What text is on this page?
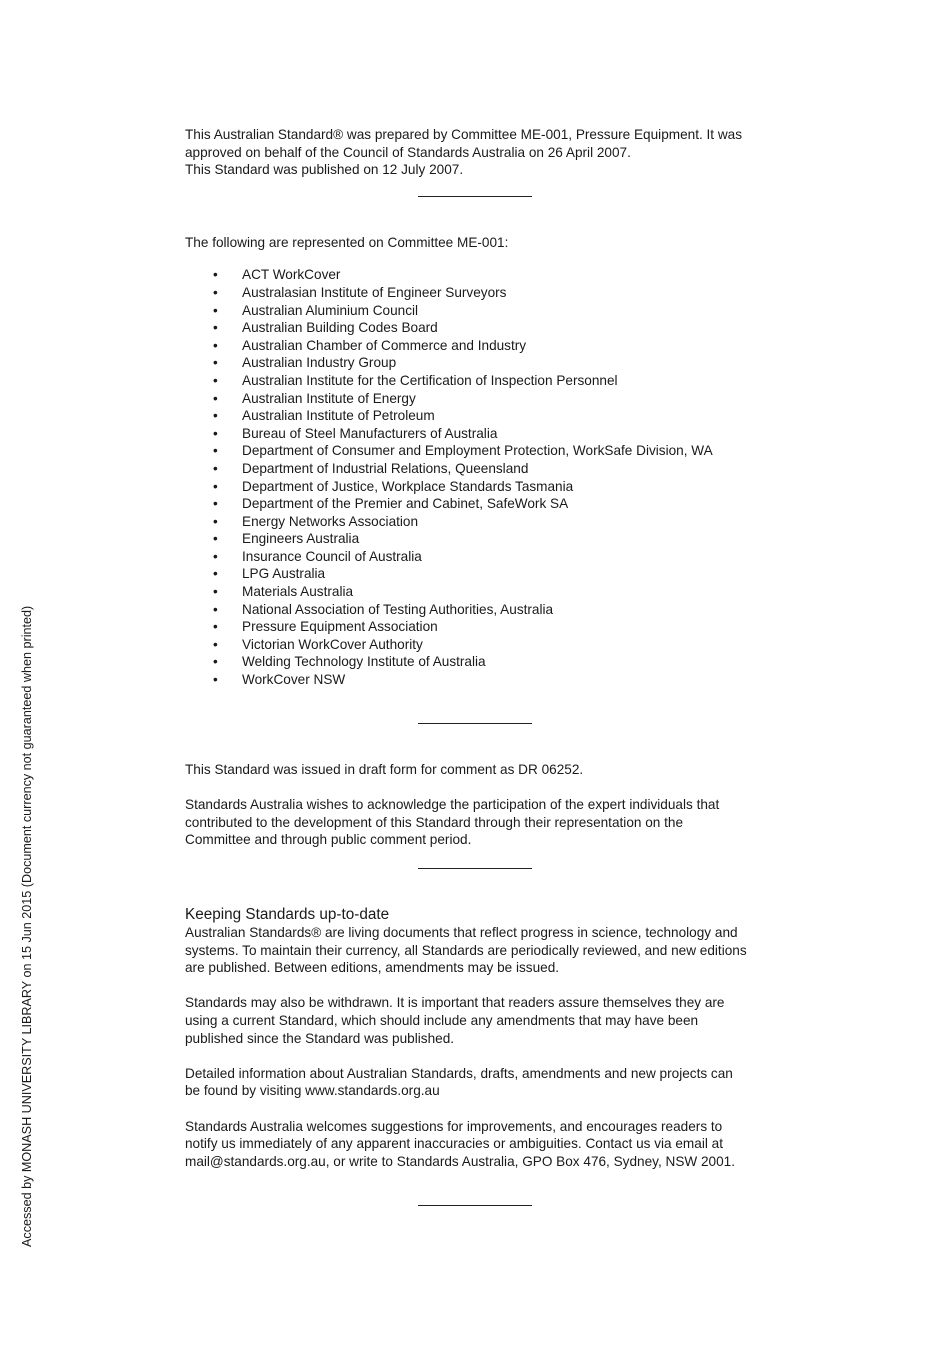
This Australian Standard® was prepared by Committee ME-001, Pressure Equipment. It was

approved on behalf of the Council of Standards Australia on 26 April 2007.

This Standard was published on 12 July 2007.

The following are represented on Committee ME-001:

• ACT WorkCover
• Australasian Institute of Engineer Surveyors
• Australian Aluminium Council
• Australian Building Codes Board
• Australian Chamber of Commerce and Industry
• Australian Industry Group
• Australian Institute for the Certification of Inspection Personnel
• Australian Institute of Energy
• Australian Institute of Petroleum
• Bureau of Steel Manufacturers of Australia
• Department of Consumer and Employment Protection, WorkSafe Division, WA
• Department of Industrial Relations, Queensland
• Department of Justice, Workplace Standards Tasmania
• Department of the Premier and Cabinet, SafeWork SA
• Energy Networks Association
• Engineers Australia
• Insurance Council of Australia
• LPG Australia
• Materials Australia
• National Association of Testing Authorities, Australia
• Pressure Equipment Association
• Victorian WorkCover Authority
• Welding Technology Institute of Australia
• WorkCover NSW

This Standard was issued in draft form for comment as DR 06252.

Standards Australia wishes to acknowledge the participation of the expert individuals that

contributed to the development of this Standard through their representation on the

Committee and through public comment period.

Keeping Standards up-to-date

Australian Standards® are living documents that reflect progress in science, technology and

systems. To maintain their currency, all Standards are periodically reviewed, and new editions

are published. Between editions, amendments may be issued.

Standards may also be withdrawn. It is important that readers assure themselves they are

using a current Standard, which should include any amendments that may have been

published since the Standard was published.

Detailed information about Australian Standards, drafts, amendments and new projects can

be found by visiting www.standards.org.au

Standards Australia welcomes suggestions for improvements, and encourages readers to

notify us immediately of any apparent inaccuracies or ambiguities. Contact us via email at

mail@standards.org.au, or write to Standards Australia, GPO Box 476, Sydney, NSW 2001.

Accessed by MONASH UNIVERSITY LIBRARY on 15 Jun 2015 (Document currency not guaranteed when printed)
